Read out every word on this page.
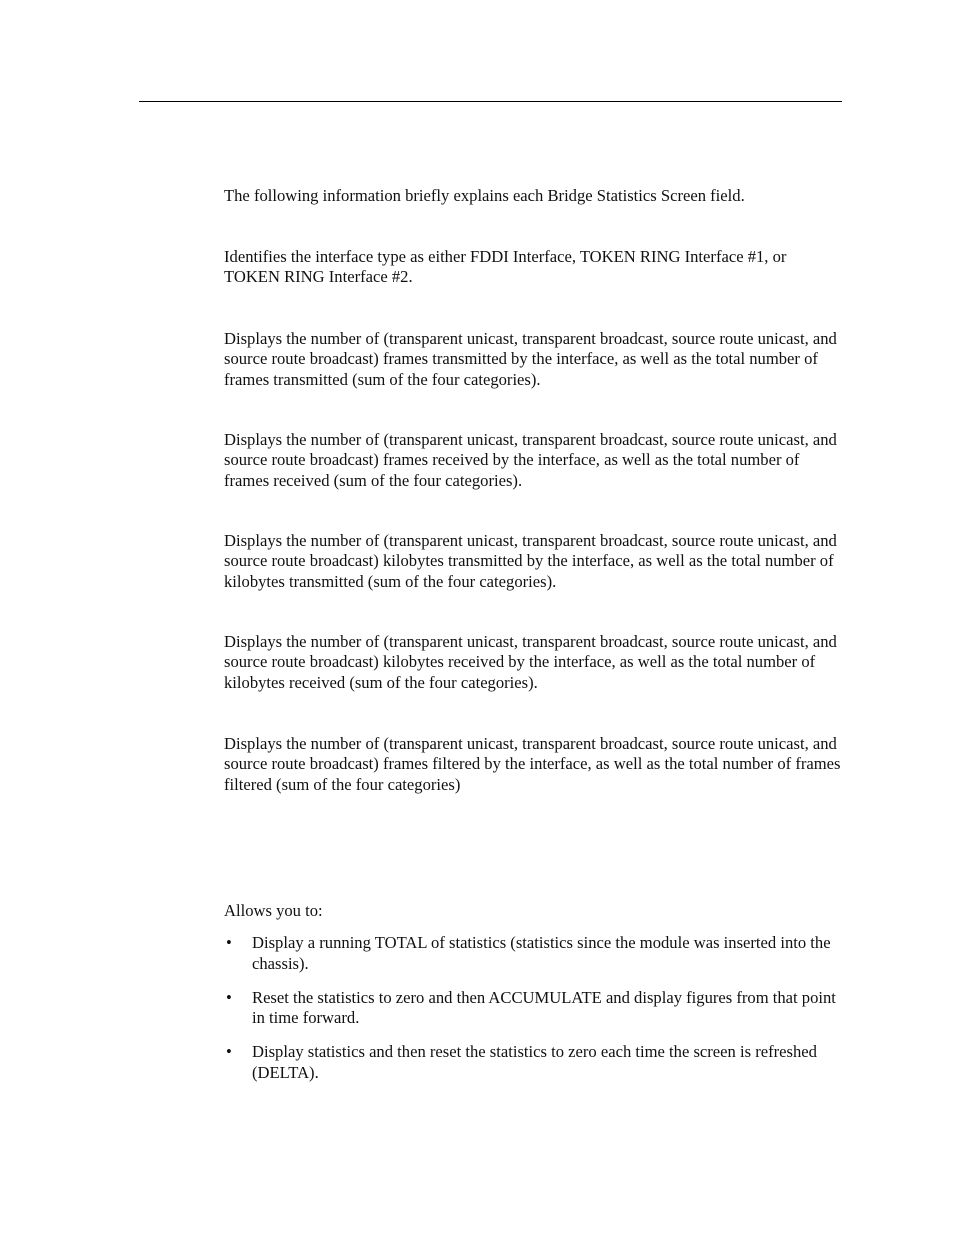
The following information briefly explains each Bridge Statistics Screen field.

Identifies the interface type as either FDDI Interface, TOKEN RING Interface #1, or TOKEN RING Interface #2.

Displays the number of (transparent unicast, transparent broadcast, source route unicast, and source route broadcast) frames transmitted by the interface, as well as the total number of frames transmitted (sum of the four categories).

Displays the number of (transparent unicast, transparent broadcast, source route unicast, and source route broadcast) frames received by the interface, as well as the total number of frames received (sum of the four categories).

Displays the number of (transparent unicast, transparent broadcast, source route unicast, and source route broadcast) kilobytes transmitted by the interface, as well as the total number of kilobytes transmitted (sum of the four categories).

Displays the number of (transparent unicast, transparent broadcast, source route unicast, and source route broadcast) kilobytes received by the interface, as well as the total number of kilobytes received (sum of the four categories).

Displays the number of (transparent unicast, transparent broadcast, source route unicast, and source route broadcast) frames filtered by the interface, as well as the total number of frames filtered (sum of the four categories)

Allows you to:

• Display a running TOTAL of statistics (statistics since the module was inserted into the chassis).
• Reset the statistics to zero and then ACCUMULATE and display figures from that point in time forward.
• Display statistics and then reset the statistics to zero each time the screen is refreshed (DELTA).
